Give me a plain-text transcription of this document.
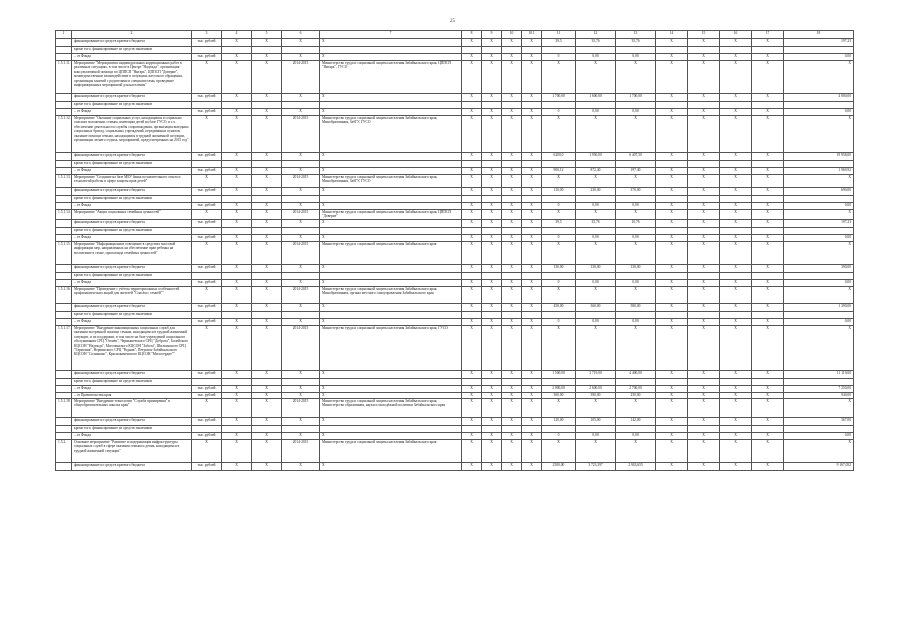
25
1	2	3	4	5	6	7	8	9	10	10.1	11	12	13	14	15	16	17	18
	финансирование из средств краевого бюджета	тыс. рублей	X	X	X	X	X	X	X	X	39,5	35,76	35,76	X	X	X	X	197,23
	кроме того, финансирование из средств заказчиков																	
	– от Фонда	тыс. рублей	X	X	X	X	X	X	X	X	0	0,00	0,00	X	X	X	X	0,00
1.5.1.11.	Мероприятие "Мероприятия индивидуальных коррекционных работ в различных ситуациях, в том числе в Центре "Надежда", организация консультативной помощи по ЦППСП "Янтарь", ЦППСП "Доверие", межведомственное взаимодействие в ситуациях жестокого обращения, организация занятий с родителями и специалистами, проведение информационных мероприятий для населения"	X	X	X	2014-2015	Министерство труда и социальной защиты населения Забайкальского края, ЦППСП "Янтарь", ГУСО	X	X	X	X	X	X	X	X	X	X	X	X
	финансирование из средств краевого бюджета	тыс. рублей	X	X	X	X	X	X	X	X	1 700,00	1 600,00	1 700,00	X	X	X	X	4 800,00
	кроме того, финансирование из средств заказчиков																	
	– от Фонда	тыс. рублей	X	X	X	X	X	X	X	X	0	0,00	0,00	X	X	X	X	0,00
1.5.1.12.	Мероприятие "Оказание социальных услуг, находящимся в социально опасном положении, семьям, имеющим детей на базе ГУСО, в т.ч. обеспечение деятельности службы сопровождения, организация выездных социальных бригад, социальных учреждений, передвижных пунктов, оказание помощи семьям, находящимся в трудной жизненной ситуации, организация летнего отдыха, мероприятий, предусмотренных на 2015 год"	X	X	X	2014-2015	Министерство труда и социальной защиты населения Забайкальского края, Минобразования, ЗабГУ, ГУСО	X	X	X	X	X	X	X	X	X	X	X	X
	финансирование из средств краевого бюджета	тыс. рублей	X	X	X	X	X	X	X	X	6200,0	1 950,00	6 407,50	X	X	X	X	19 958,00
	кроме того, финансирование из средств заказчиков																	
	– от Фонда	тыс. рублей	X	X	X	X	X	X	X	X	900,12	872,40	197,40	X	X	X	X	1 969,92
1.5.1.13.	Мероприятие "Создание на базе МБУ банка положительного опыта и технологий работы в сфере защиты прав детей"	X	X	X	2014-2015	Министерство труда и социальной защиты населения Забайкальского края, Минобразования, ЗабГУ, ГУСО	X	X	X	X	X	X	X	X	X	X	X	X
	финансирование из средств краевого бюджета	тыс. рублей	X	X	X	X	X	X	X	X	110,00	230,00	370,00	X	X	X	X	690,00
	кроме того, финансирование из средств заказчиков																	
	– от Фонда	тыс. рублей	X	X	X	X	X	X	X	X	0	0,00	0,00	X	X	X	X	0,00
1.5.1.14.	Мероприятие "Акция социальных семейных ценностей"	X	X	X	2014-2015	Министерство труда и социальной защиты населения Забайкальского края, ЦППСП "Доверие"	X	X	X	X	X	X	X	X	X	X	X	X
	финансирование из средств краевого бюджета	тыс. рублей	X	X	X	X	X	X	X	X	39,5	35,76	10,76	X	X	X	X	197,23
	кроме того, финансирование из средств заказчиков																	
	– от Фонда	тыс. рублей	X	X	X	X	X	X	X	X	0	0,00	0,00	X	X	X	X	0,00
1.5.1.15.	Мероприятие "Информационное освещение в средствах массовой информации мер, направленных на обеспечение прав ребенка на воспитание в семье, пропаганда семейных ценностей"	X	X	X	2014-2015	Министерство труда и социальной защиты населения Забайкальского края	X	X	X	X	X	X	X	X	X	X	X	X
	финансирование из средств краевого бюджета	тыс. рублей	X	X	X	X	X	X	X	X	130,00	130,00	130,00	X	X	X	X	390,00
	кроме того, финансирование из средств заказчиков																	
	– от Фонда	тыс. рублей	X	X	X	X	X	X	X	X	0	0,00	0,00	X	X	X	X	0,00
1.5.1.16.	Мероприятие "Проведение с учётом территориальных особенностей профилактических акций для жителей "Спасём с семьёй""	X	X	X	2014-2015	Министерство труда и социальной защиты населения Забайкальского края, Минобразования, органы местного самоуправления Забайкальского края	X	X	X	X	X	X	X	X	X	X	X	X
	финансирование из средств краевого бюджета	тыс. рублей	X	X	X	X	X	X	X	X	450,00	360,00	580,00	X	X	X	X	1 390,00
	кроме того, финансирование из средств заказчиков																	
	– от Фонда	тыс. рублей	X	X	X	X	X	X	X	X	0	0,00	0,00	X	X	X	X	0,00
1.5.1.17.	Мероприятие "Внедрение инновационных социальных служб для оказания экстренной помощи семьям, находящимся в трудной жизненной ситуации, и их поддержки, в том числе на базе учреждений социального обслуживания СРЦ "Огонёк", Чернышевского СРЦ "Доброта", Балейского КЦСОН "Надежда", Могочинского КЦСОН "Забота", Шилкинского СРЦ "Гармония", Нерчинского СРЦ "Родник", Петровск-Забайкальского КЦСОН "Солнышко", Краснокаменского КЦСОН "Милосердие""	X	X	X	2014-2015	Министерство труда и социальной защиты населения Забайкальского края, ГУСО	X	X	X	X	X	X	X	X	X	X	X	X
	финансирование из средств краевого бюджета	тыс. рублей	X	X	X	X	X	X	X	X	1 500,00	3 719,00	4 400,00	X	X	X	X	11 119,00
	кроме того, финансирование из средств заказчиков																	
	– от Фонда	тыс. рублей	X	X	X	X	X	X	X	X	2 000,00	2 600,00	2 700,00	X	X	X	X	7 250,00
	– от Правительства края	тыс. рублей	X	X	X	X	X	X	X	X	300,00	390,00	250,00	X	X	X	X	940,00
1.5.1.18.	Мероприятие "Внедрение технологии "Служба примирения" в общеобразовательных школах края"	X	X	X	2014-2015	Министерство труда и социальной защиты населения Забайкальского края, Министерство образования, науки и молодёжной политики Забайкальского края	X	X	X	X	X	X	X	X	X	X	X	X
	финансирование из средств краевого бюджета	тыс. рублей	X	X	X	X	X	X	X	X	120,00	105,00	142,00	X	X	X	X	367,00
	кроме того, финансирование из средств заказчиков																	
	– от Фонда	тыс. рублей	X	X	X	X	X	X	X	X	0	0,00	0,00	X	X	X	X	0,00
1.5.2.	Основное мероприятие "Развитие и модернизация инфраструктуры социальных служб в сфере оказания семьям и детям, находящимся в трудной жизненной ситуации"	X	X	X	2014-2015	Министерство труда и социальной защиты населения Забайкальского края	X	X	X	X	X	X	X	X	X	X	X	X
	финансирование из средств краевого бюджета	тыс. рублей	X	X	X	X	X	X	X	X	2500,00	3 723,397	2 943,655	X	X	X	X	9 167,052
